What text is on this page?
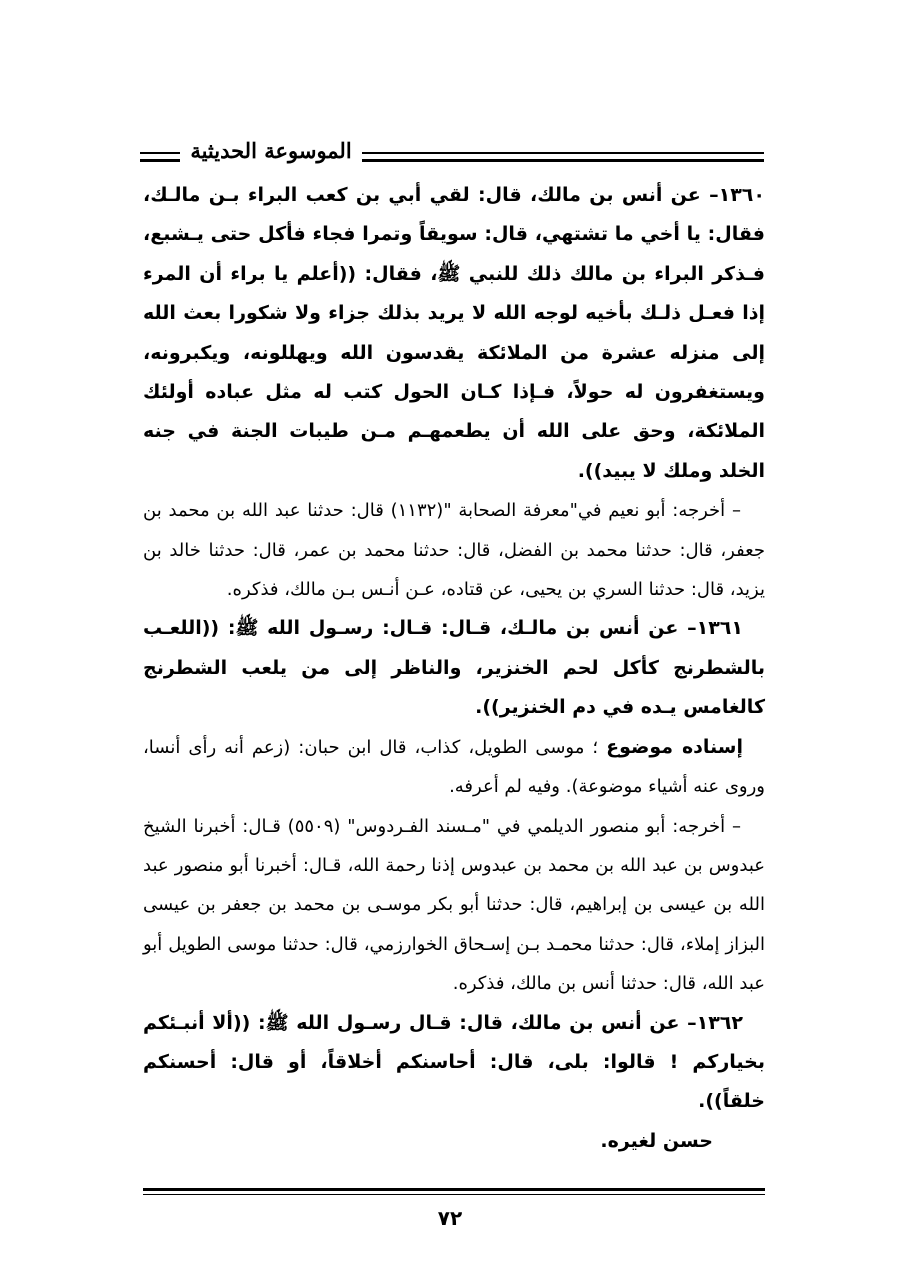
الموسوعة الحديثية

١٣٦٠– عن أنس بن مالك، قال: لقي أبي بن كعب البراء بـن مالـك، فقال: يا أخي ما تشتهي، قال: سويقاً وتمرا فجاء فأكل حتى يـشبع، فـذكر البراء بن مالك ذلك للنبي ﷺ، فقال: ((أعلم يا براء أن المرء إذا فعـل ذلـك بأخيه لوجه الله لا يريد بذلك جزاء ولا شكورا بعث الله إلى منزله عشرة من الملائكة يقدسون الله ويهللونه، ويكبرونه، ويستغفرون له حولاً، فـإذا كـان الحول كتب له مثل عباده أولئك الملائكة، وحق على الله أن يطعمهـم مـن طيبات الجنة في جنه الخلد وملك لا يبيد)).

– أخرجه: أبو نعيم في"معرفة الصحابة "(١١٣٢) قال: حدثنا عبد الله بن محمد بن جعفر، قال: حدثنا محمد بن الفضل، قال: حدثنا محمد بن عمر، قال: حدثنا خالد بن يزيد، قال: حدثنا السري بن يحيى، عن قتاده، عـن أنـس بـن مالك، فذكره.

١٣٦١– عن أنس بن مالـك، قـال: قـال: رسـول الله ﷺ: ((اللعـب بالشطرنج كأكل لحم الخنزير، والناظر إلى من يلعب الشطرنج كالغامس يـده في دم الخنزير)).

إسناده موضوع ؛ موسى الطويل، كذاب، قال ابن حبان: (زعم أنه رأى أنسا، وروى عنه أشياء موضوعة). وفيه لم أعرفه.

– أخرجه: أبو منصور الديلمي في "مـسند الفـردوس" (٥٥٠٩) قـال: أخبرنا الشيخ عبدوس بن عبد الله بن محمد بن عبدوس إذنا رحمة الله، قـال: أخبرنا أبو منصور عبد الله بن عيسى بن إبراهيم، قال: حدثنا أبو بكر موسـى بن محمد بن جعفر بن عيسى البزاز إملاء، قال: حدثنا محمـد بـن إسـحاق الخوارزمي، قال: حدثنا موسى الطويل أبو عبد الله، قال: حدثنا أنس بن مالك، فذكره.

١٣٦٢– عن أنس بن مالك، قال: قـال رسـول الله ﷺ: ((ألا أنبـئكم بخياركم ! قالوا: بلى، قال: أحاسنكم أخلاقاً، أو قال: أحسنكم خلقاً)).

حسن لغيره.

٧٢
